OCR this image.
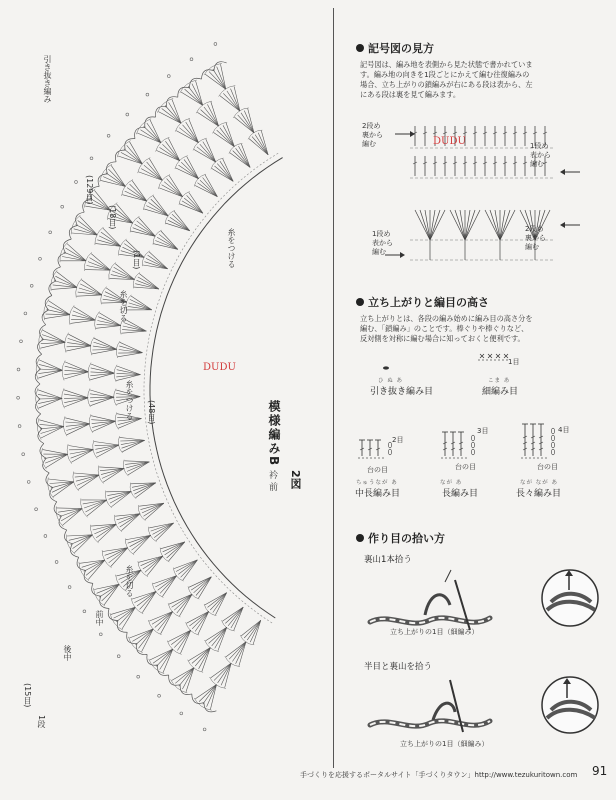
引き抜き編み
(129目)
(18目)
(1目)	糸をつける
糸を切る
糸をつける (48目)
糸を切る
前中
後中
(15目)
1段
模様編みB
2図
衿 前
DUDU
記号図の見方
記号図は、編み地を表側から見た状態で書かれていま
す。編み地の向きを1段ごとにかえて編む往復編みの
場合、立ち上がりの鎖編みが右にある段は表から、左
にある段は裏を見て編みます。
2段め
裏から
編む	1段め
表から
編む
DUDU
1段め
表から
編む
2段め
裏から
編む
立ち上がりと編目の高さ
立ち上がりとは、各段の編み始めに編み目の高さ分を
編む、「鎖編み」のことです。棒ぐりや棒ぐりなど、
反対側を対称に編む場合に知っておくと便利です。
ひ ぬ あ
引き抜き編み目
こま あ
細編み目
1目
2目
3目	4目
台の目	台の目	台の目
ちゅうなが あ
中長編み目
なが あ
長編み目
なが なが あ
長々編み目
作り目の拾い方
裏山1本拾う
半目と裏山を拾う
立ち上がりの1目（細編み）
立ち上がりの1目（細編み）
手づくりを応援するポータルサイト「手づくりタウン」http://www.tezukuritown.com 91
